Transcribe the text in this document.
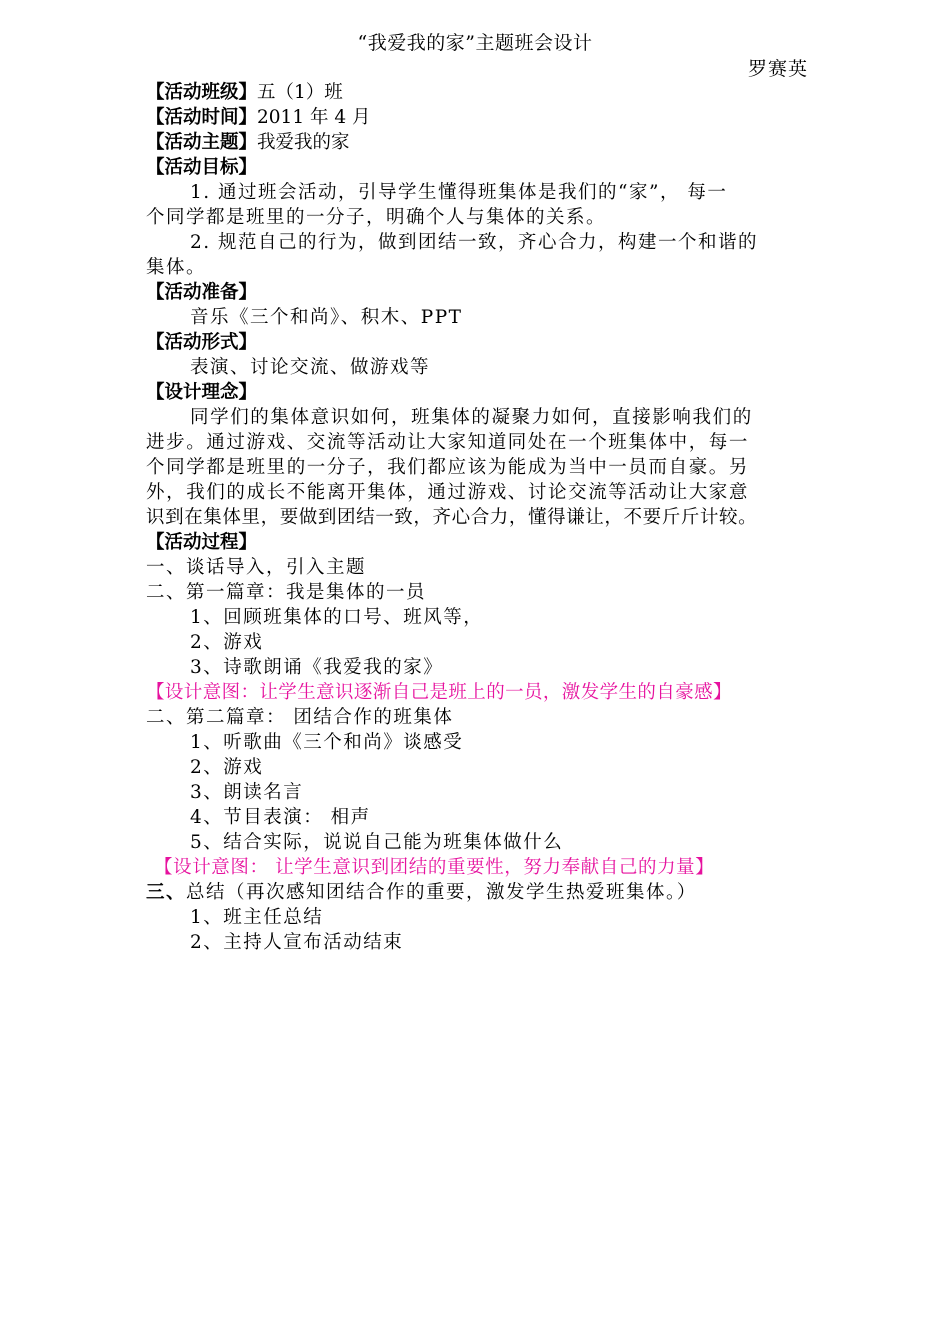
“我爱我的家”主题班会设计
罗赛英
【活动班级】五（1）班
【活动时间】2011 年 4 月
【活动主题】我爱我的家
【活动目标】
1. 通过班会活动，引导学生懂得班集体是我们的“家”， 每一
个同学都是班里的一分子，明确个人与集体的关系。
2. 规范自己的行为，做到团结一致，齐心合力，构建一个和谐的
集体。
【活动准备】
音乐《三个和尚》、积木、PPT
【活动形式】
表演、讨论交流、做游戏等
【设计理念】
同学们的集体意识如何，班集体的凝聚力如何，直接影响我们的
进步。通过游戏、交流等活动让大家知道同处在一个班集体中，每一
个同学都是班里的一分子，我们都应该为能成为当中一员而自豪。另
外，我们的成长不能离开集体，通过游戏、讨论交流等活动让大家意
识到在集体里，要做到团结一致，齐心合力，懂得谦让，不要斤斤计较。
【活动过程】
一、谈话导入，引入主题
二、第一篇章：我是集体的一员
1、回顾班集体的口号、班风等，
2、游戏
3、诗歌朗诵《我爱我的家》
【设计意图：让学生意识逐渐自己是班上的一员，激发学生的自豪感】
二、第二篇章： 团结合作的班集体
1、听歌曲《三个和尚》谈感受
2、游戏
3、朗读名言
4、节目表演： 相声
5、结合实际，说说自己能为班集体做什么
【设计意图： 让学生意识到团结的重要性，努力奉献自己的力量】
三、总结（再次感知团结合作的重要，激发学生热爱班集体。）
1、班主任总结
2、主持人宣布活动结束
